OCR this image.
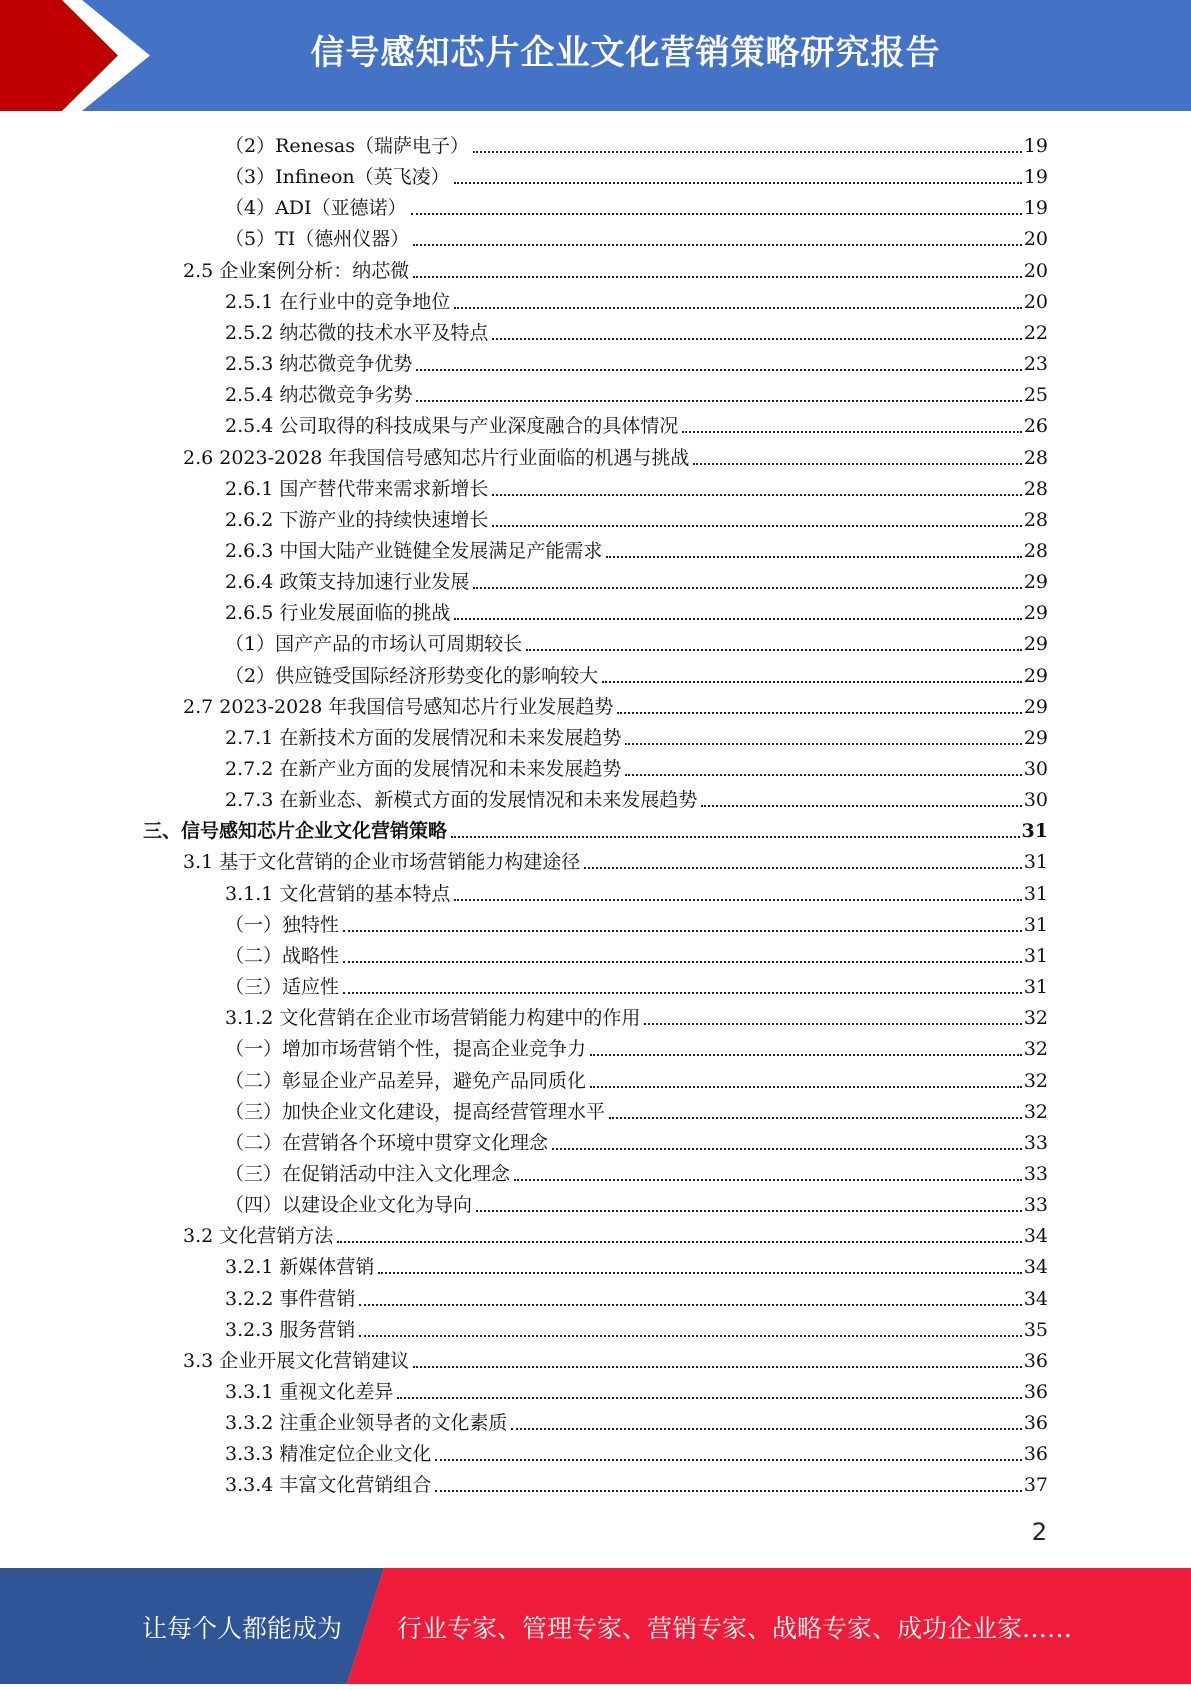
信号感知芯片企业文化营销策略研究报告
（2）Renesas（瑞萨电子）	19
（3）Infineon（英飞凌）	19
（4）ADI（亚德诺）	19
（5）TI（德州仪器）	20
2.5 企业案例分析：纳芯微	20
2.5.1 在行业中的竞争地位	20
2.5.2 纳芯微的技术水平及特点	22
2.5.3 纳芯微竞争优势	23
2.5.4 纳芯微竞争劣势	25
2.5.4 公司取得的科技成果与产业深度融合的具体情况	26
2.6 2023-2028 年我国信号感知芯片行业面临的机遇与挑战	28
2.6.1 国产替代带来需求新增长	28
2.6.2 下游产业的持续快速增长	28
2.6.3 中国大陆产业链健全发展满足产能需求	28
2.6.4 政策支持加速行业发展	29
2.6.5 行业发展面临的挑战	29
（1）国产产品的市场认可周期较长	29
（2）供应链受国际经济形势变化的影响较大	29
2.7 2023-2028 年我国信号感知芯片行业发展趋势	29
2.7.1 在新技术方面的发展情况和未来发展趋势	29
2.7.2 在新产业方面的发展情况和未来发展趋势	30
2.7.3 在新业态、新模式方面的发展情况和未来发展趋势	30
三、信号感知芯片企业文化营销策略	31
3.1 基于文化营销的企业市场营销能力构建途径	31
3.1.1 文化营销的基本特点	31
（一）独特性	31
（二）战略性	31
（三）适应性	31
3.1.2 文化营销在企业市场营销能力构建中的作用	32
（一）增加市场营销个性，提高企业竞争力	32
（二）彰显企业产品差异，避免产品同质化	32
（三）加快企业文化建设，提高经营管理水平	32
（二）在营销各个环境中贯穿文化理念	33
（三）在促销活动中注入文化理念	33
（四）以建设企业文化为导向	33
3.2 文化营销方法	34
3.2.1 新媒体营销	34
3.2.2 事件营销	34
3.2.3 服务营销	35
3.3 企业开展文化营销建议	36
3.3.1 重视文化差异	36
3.3.2 注重企业领导者的文化素质	36
3.3.3 精准定位企业文化	36
3.3.4 丰富文化营销组合	37
2
让每个人都能成为 行业专家、管理专家、营销专家、战略专家、成功企业家……
